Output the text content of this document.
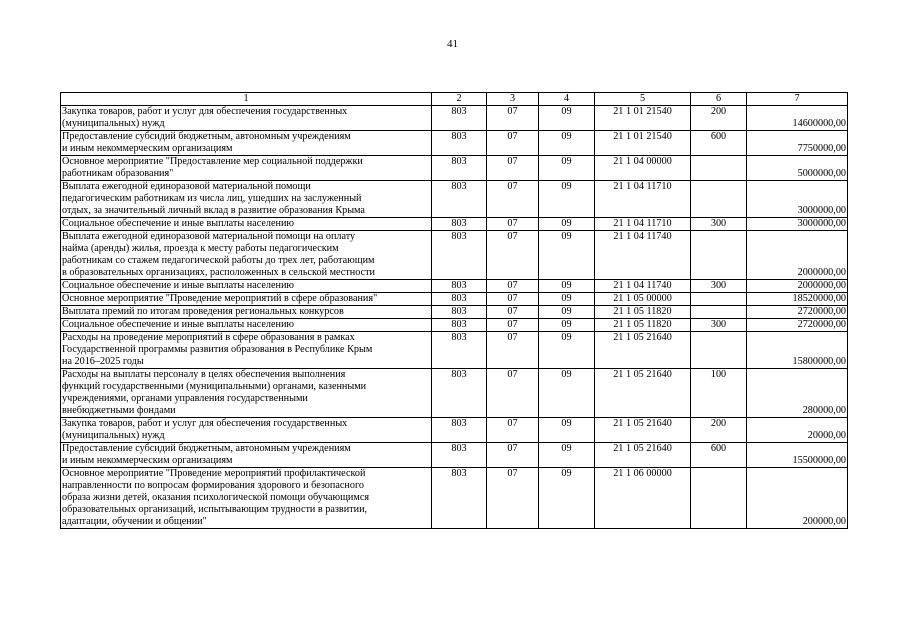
41
1	2	3	4	5	6	7

Закупка товаров, работ и услуг для обеспечения государственных
(муниципальных) нужд	803	07	09	21 1 01 21540	200	14600000,00

Предоставление субсидий бюджетным, автономным учреждениям
и иным некоммерческим организациям	803	07	09	21 1 01 21540	600	7750000,00

Основное мероприятие "Предоставление мер социальной поддержки
работникам образования"	803	07	09	21 1 04 00000		5000000,00

Выплата ежегодной единоразовой материальной помощи
педагогическим работникам из числа лиц, ушедших на заслуженный
отдых, за значительный личный вклад в развитие образования Крыма	803	07	09	21 1 04 11710		3000000,00

Социальное обеспечение и иные выплаты населению	803	07	09	21 1 04 11710	300	3000000,00

Выплата ежегодной единоразовой материальной помощи на оплату
найма (аренды) жилья, проезда к месту работы педагогическим
работникам со стажем педагогической работы до трех лет, работающим
в образовательных организациях, расположенных в сельской местности	803	07	09	21 1 04 11740		2000000,00

Социальное обеспечение и иные выплаты населению	803	07	09	21 1 04 11740	300	2000000,00

Основное мероприятие "Проведение мероприятий в сфере образования"	803	07	09	21 1 05 00000		18520000,00

Выплата премий по итогам проведения региональных конкурсов	803	07	09	21 1 05 11820		2720000,00

Социальное обеспечение и иные выплаты населению	803	07	09	21 1 05 11820	300	2720000,00

Расходы на проведение мероприятий в сфере образования в рамках
Государственной программы развития образования в Республике Крым
на 2016–2025 годы	803	07	09	21 1 05 21640		15800000,00

Расходы на выплаты персоналу в целях обеспечения выполнения
функций государственными (муниципальными) органами, казенными
учреждениями, органами управления государственными
внебюджетными фондами	803	07	09	21 1 05 21640	100	280000,00

Закупка товаров, работ и услуг для обеспечения государственных
(муниципальных) нужд	803	07	09	21 1 05 21640	200	20000,00

Предоставление субсидий бюджетным, автономным учреждениям
и иным некоммерческим организациям	803	07	09	21 1 05 21640	600	15500000,00

Основное мероприятие "Проведение мероприятий профилактической
направленности по вопросам формирования здорового и безопасного
образа жизни детей, оказания психологической помощи обучающимся
образовательных организаций, испытывающим трудности в развитии,
адаптации, обучении и общении"	803	07	09	21 1 06 00000		200000,00
